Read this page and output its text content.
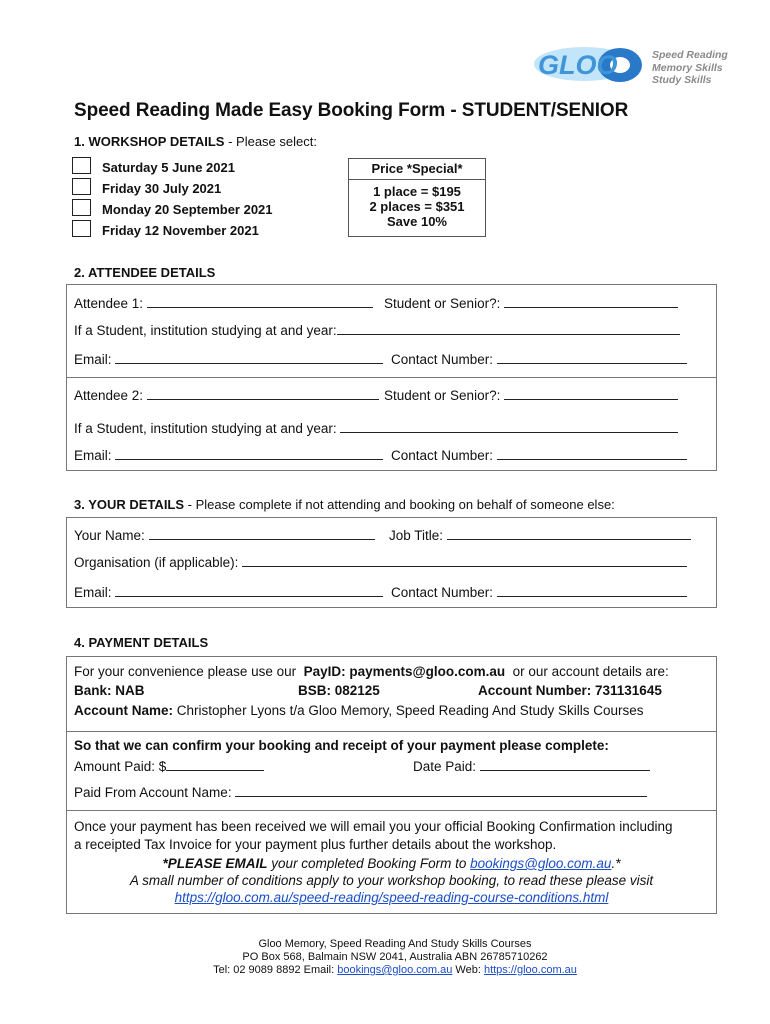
GLOO	Speed Reading
Memory Skills
Study Skills
Speed Reading Made Easy Booking Form - STUDENT/SENIOR
1. WORKSHOP DETAILS - Please select:
Saturday 5 June 2021
Friday 30 July 2021
Monday 20 September 2021
Friday 12 November 2021
Price *Special*
1 place = $195
2 places = $351
Save 10%
2. ATTENDEE DETAILS
Attendee 1:	Student or Senior?:
If a Student, institution studying at and year:
Email:	Contact Number:
Attendee 2:	Student or Senior?:
If a Student, institution studying at and year:
Email:	Contact Number:
3. YOUR DETAILS - Please complete if not attending and booking on behalf of someone else:
Your Name:	Job Title:
Organisation (if applicable):
Email:	Contact Number:
4. PAYMENT DETAILS
For your convenience please use our PayID: payments@gloo.com.au or our account details are:
Bank: NAB	BSB: 082125	Account Number: 731131645
Account Name: Christopher Lyons t/a Gloo Memory, Speed Reading And Study Skills Courses
So that we can confirm your booking and receipt of your payment please complete:
Amount Paid: $	Date Paid:
Paid From Account Name:
Once your payment has been received we will email you your official Booking Confirmation including
a receipted Tax Invoice for your payment plus further details about the workshop.
*PLEASE EMAIL your completed Booking Form to bookings@gloo.com.au.*
A small number of conditions apply to your workshop booking, to read these please visit
https://gloo.com.au/speed-reading/speed-reading-course-conditions.html
Gloo Memory, Speed Reading And Study Skills Courses
PO Box 568, Balmain NSW 2041, Australia ABN 26785710262
Tel: 02 9089 8892 Email: bookings@gloo.com.au Web: https://gloo.com.au
